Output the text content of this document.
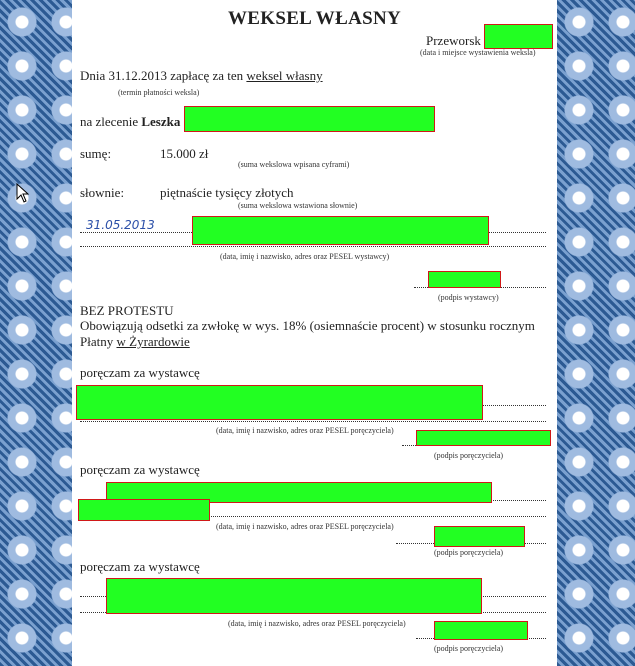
WEKSEL WŁASNY
Przeworsk
(data i miejsce wystawienia weksla)
Dnia 31.12.2013 zapłacę za ten weksel własny
(termin płatności weksla)
na zlecenie Leszka
sumę:	15.000 zł
(suma wekslowa wpisana cyframi)
słownie:	piętnaście tysięcy złotych
(suma wekslowa wstawiona słownie)
31.05.2013
(data, imię i nazwisko, adres oraz PESEL wystawcy)
(podpis wystawcy)
BEZ PROTESTU
Obowiązują odsetki za zwłokę w wys. 18% (osiemnaście procent) w stosunku rocznym
Płatny w Żyrardowie
poręczam za wystawcę
(data, imię i nazwisko, adres oraz PESEL poręczyciela)
(podpis poręczyciela)
poręczam za wystawcę
(data, imię i nazwisko, adres oraz PESEL poręczyciela)
(podpis poręczyciela)
poręczam za wystawcę
(data, imię i nazwisko, adres oraz PESEL poręczyciela)
(podpis poręczyciela)
